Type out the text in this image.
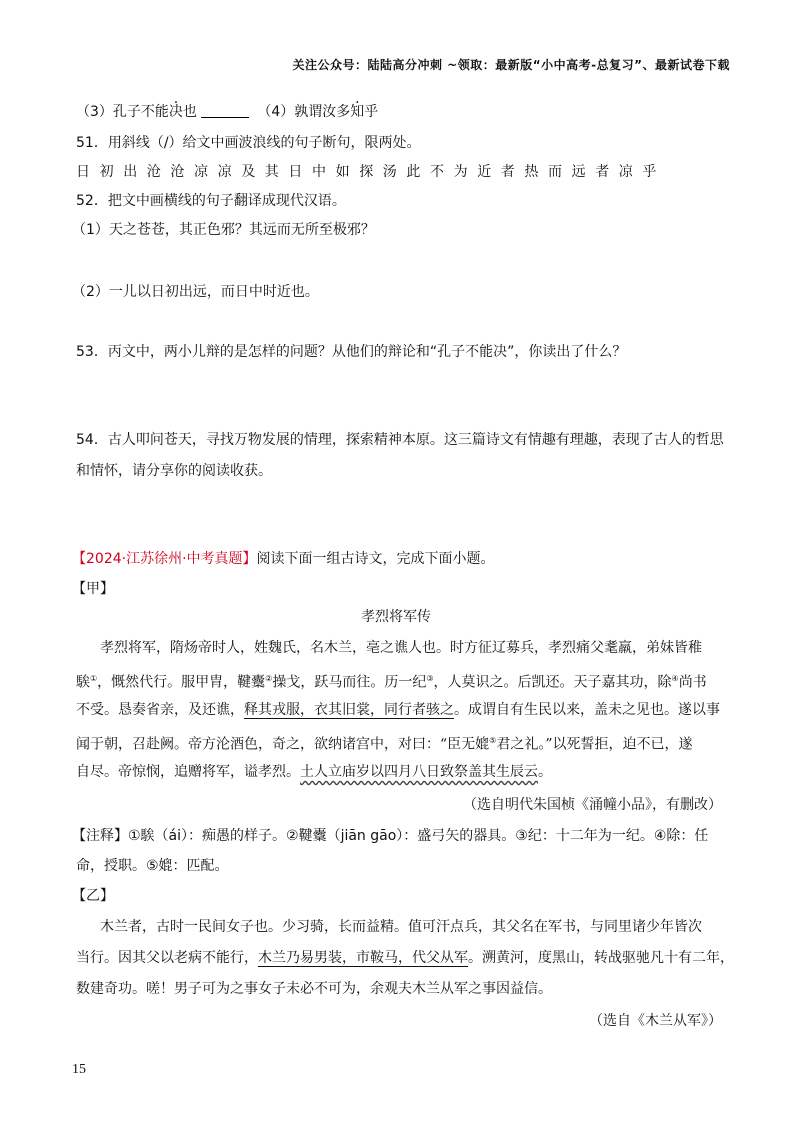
关注公众号：陆陆高分冲刺 ~领取：最新版“小中高考-总复习”、最新试卷下载
（3）孔子不能决也	（4）孰谓汝多知乎
51．用斜线（/）给文中画波浪线的句子断句，限两处。
日初出沧沧凉凉及其日中如探汤此不为近者热而远者凉乎
52．把文中画横线的句子翻译成现代汉语。
（1）天之苍苍，其正色邪？其远而无所至极邪？
（2）一儿以日初出远，而日中时近也。
53．丙文中，两小儿辩的是怎样的问题？从他们的辩论和“孔子不能决”，你读出了什么？
54．古人叩问苍天，寻找万物发展的情理，探索精神本原。这三篇诗文有情趣有理趣，表现了古人的哲思
和情怀，请分享你的阅读收获。
【2024·江苏徐州·中考真题】阅读下面一组古诗文，完成下面小题。
【甲】
孝烈将军传
孝烈将军，隋炀帝时人，姓魏氏，名木兰，亳之谯人也。时方征辽募兵，孝烈痛父耄羸，弟妹皆稚
騃①，慨然代行。服甲胄，鞬櫜②操戈，跃马而往。历一纪③，人莫识之。后凯还。天子嘉其功，除④尚书
不受。恳奏省亲，及还谯，释其戎服，衣其旧裳，同行者骇之。成谓自有生民以来，盖未之见也。遂以事
闻于朝，召赴阙。帝方沦酒色，奇之，欲纳诸宫中，对曰：“臣无媲⑤君之礼。”以死誓拒，迫不已，遂
自尽。帝惊悯，追赠将军，谥孝烈。土人立庙岁以四月八日致祭盖其生辰云。
（选自明代朱国桢《涌幢小品》，有删改）
【注释】①騃（ái）：痴愚的样子。②鞬櫜（jiān gāo）：盛弓矢的器具。③纪：十二年为一纪。④除：任
命，授职。⑤媲：匹配。
【乙】
木兰者，古时一民间女子也。少习骑，长而益精。值可汗点兵，其父名在军书，与同里诸少年皆次
当行。因其父以老病不能行，木兰乃易男装，市鞍马，代父从军。溯黄河，度黑山，转战驱驰凡十有二年，
数建奇功。嗟！男子可为之事女子未必不可为，余观夫木兰从军之事因益信。
（选自《木兰从军》）
15
